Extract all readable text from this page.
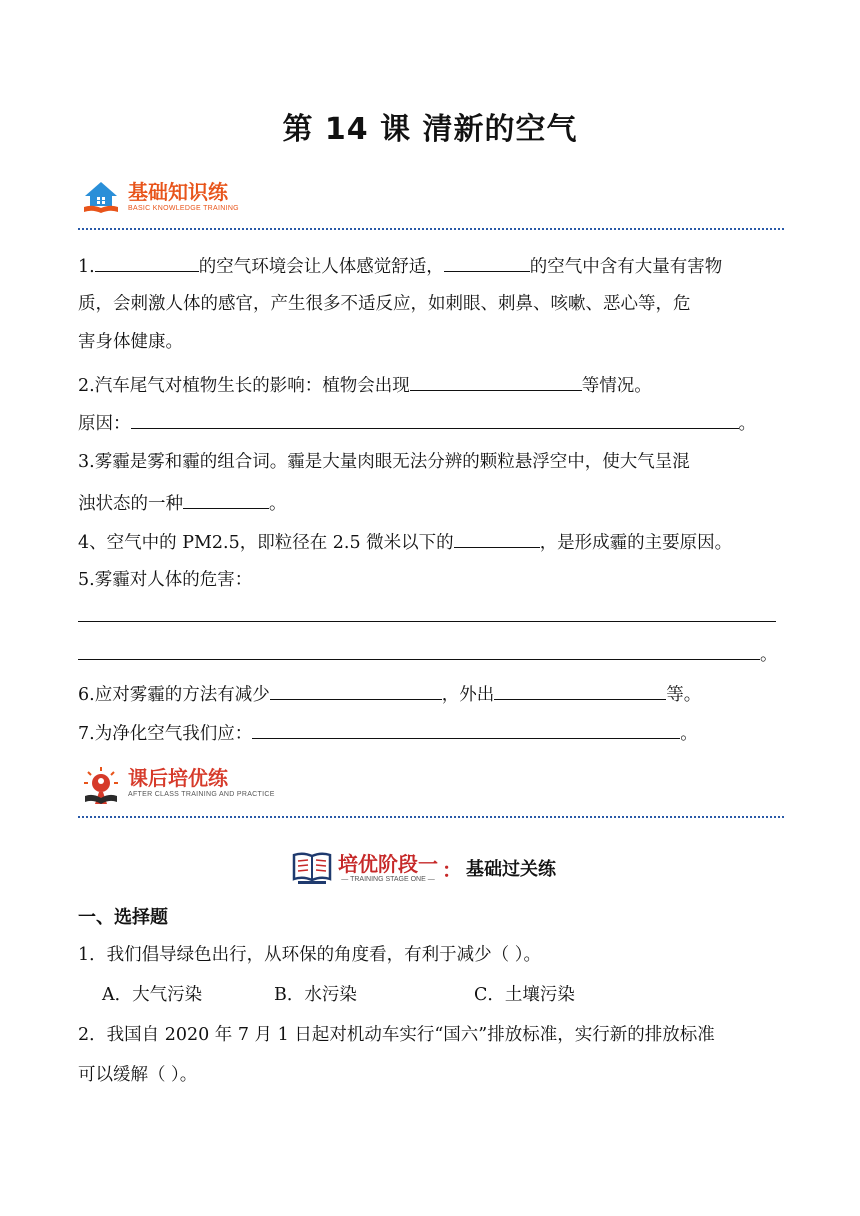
第 14 课 清新的空气
基础知识练
BASIC KNOWLEDGE TRAINING
1.	的空气环境会让人体感觉舒适，	的空气中含有大量有害物
质，会刺激人体的感官，产生很多不适反应，如刺眼、刺鼻、咳嗽、恶心等，危
害身体健康。
2.汽车尾气对植物生长的影响：植物会出现	等情况。
原因：	。
3.雾霾是雾和霾的组合词。霾是大量肉眼无法分辨的颗粒悬浮空中，使大气呈混
浊状态的一种	。
4、空气中的 PM2.5，即粒径在 2.5 微米以下的	，是形成霾的主要原因。
5.雾霾对人体的危害：
。
6.应对雾霾的方法有减少	，外出	等。
7.为净化空气我们应：	。
课后培优练
AFTER CLASS TRAINING AND PRACTICE
培优阶段一
— TRAINING STAGE ONE — ： 基础过关练
一、选择题
1．我们倡导绿色出行，从环保的角度看，有利于减少（ ）。
A．大气污染	B．水污染	C．土壤污染
2．我国自 2020 年 7 月 1 日起对机动车实行“国六”排放标准，实行新的排放标准
可以缓解（ ）。
